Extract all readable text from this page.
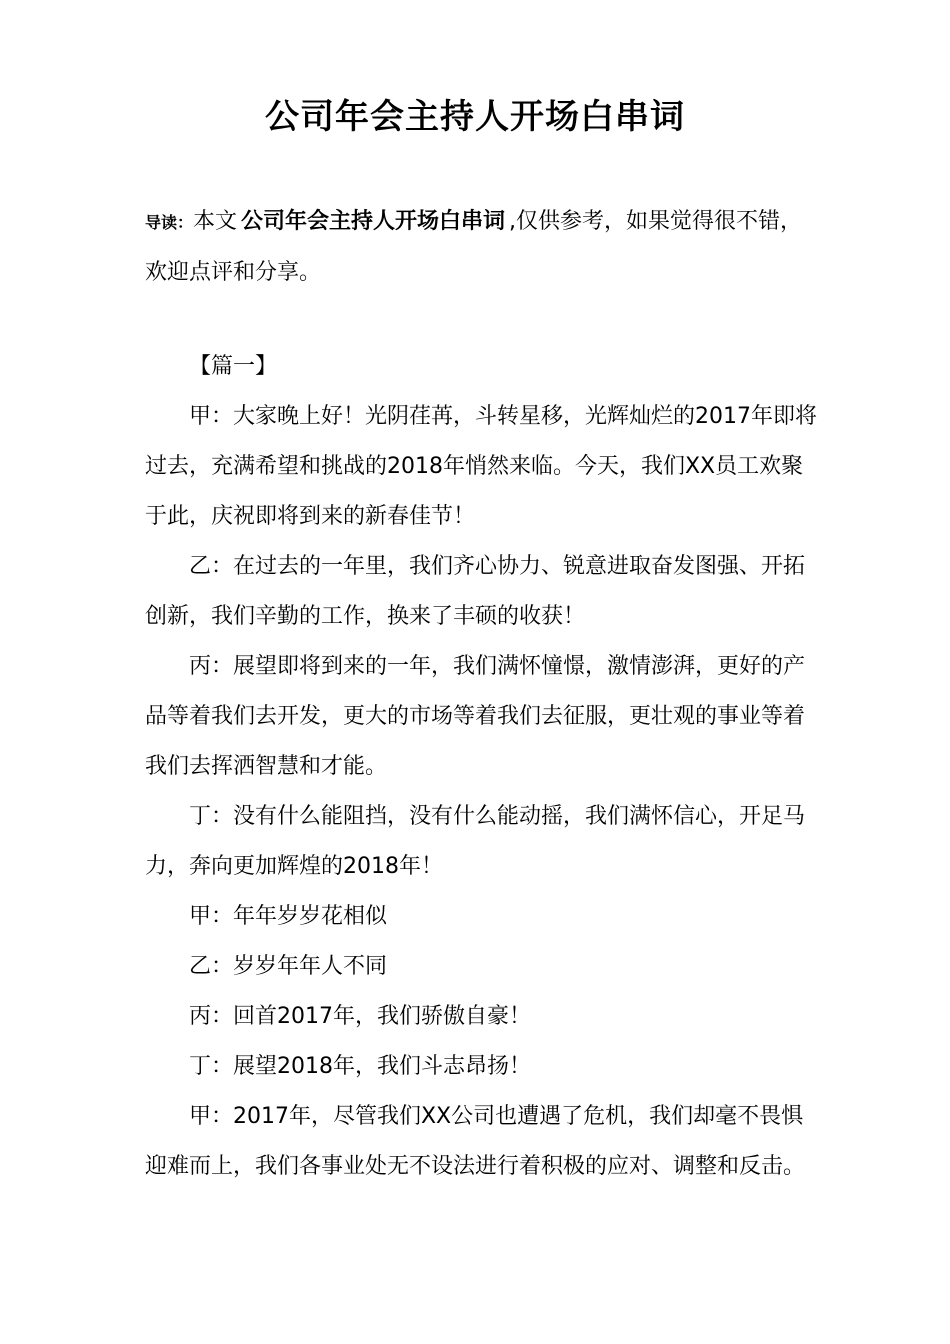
公司年会主持人开场白串词
导读：本文 公司年会主持人开场白串词 ,仅供参考，如果觉得很不错，欢迎点评和分享。

【篇一】

甲：大家晚上好！光阴荏苒，斗转星移，光辉灿烂的2017年即将过去，充满希望和挑战的2018年悄然来临。今天，我们XX员工欢聚于此，庆祝即将到来的新春佳节！

乙：在过去的一年里，我们齐心协力、锐意进取奋发图强、开拓创新，我们辛勤的工作，换来了丰硕的收获！

丙：展望即将到来的一年，我们满怀憧憬，激情澎湃，更好的产品等着我们去开发，更大的市场等着我们去征服，更壮观的事业等着我们去挥洒智慧和才能。

丁：没有什么能阻挡，没有什么能动摇，我们满怀信心，开足马力，奔向更加辉煌的2018年！

甲：年年岁岁花相似

乙：岁岁年年人不同

丙：回首2017年，我们骄傲自豪！

丁：展望2018年，我们斗志昂扬！

甲：2017年，尽管我们XX公司也遭遇了危机，我们却毫不畏惧迎难而上，我们各事业处无不设法进行着积极的应对、调整和反击。
